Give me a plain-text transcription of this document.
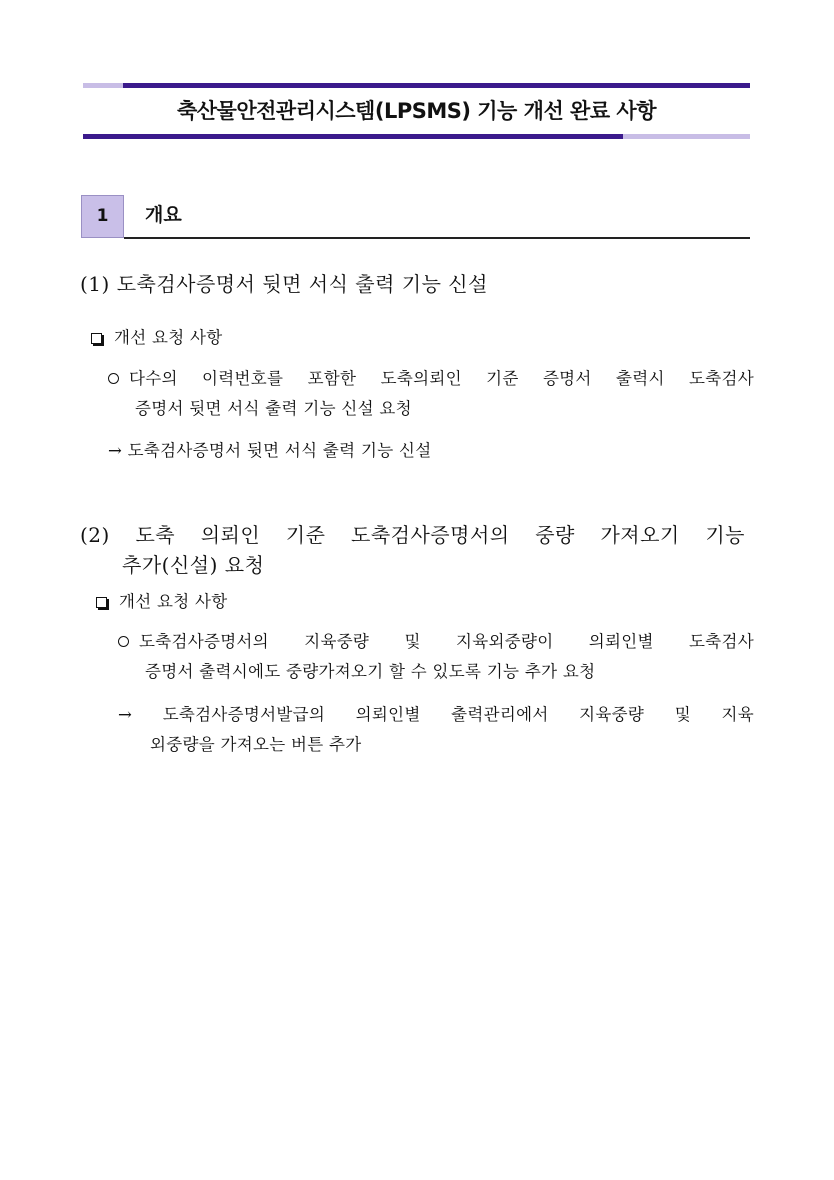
축산물안전관리시스템(LPSMS) 기능 개선 완료 사항
1	개요
(1) 도축검사증명서 뒷면 서식 출력 기능 신설
개선 요청 사항
다수의 이력번호를 포함한 도축의뢰인 기준 증명서 출력시 도축검사
증명서 뒷면 서식 출력 기능 신설 요청
→ 도축검사증명서 뒷면 서식 출력 기능 신설
(2) 도축 의뢰인 기준 도축검사증명서의 중량 가져오기 기능
추가(신설) 요청
개선 요청 사항
도축검사증명서의 지육중량 및 지육외중량이 의뢰인별 도축검사
증명서 출력시에도 중량가져오기 할 수 있도록 기능 추가 요청
→ 도축검사증명서발급의 의뢰인별 출력관리에서 지육중량 및 지육
외중량을 가져오는 버튼 추가
